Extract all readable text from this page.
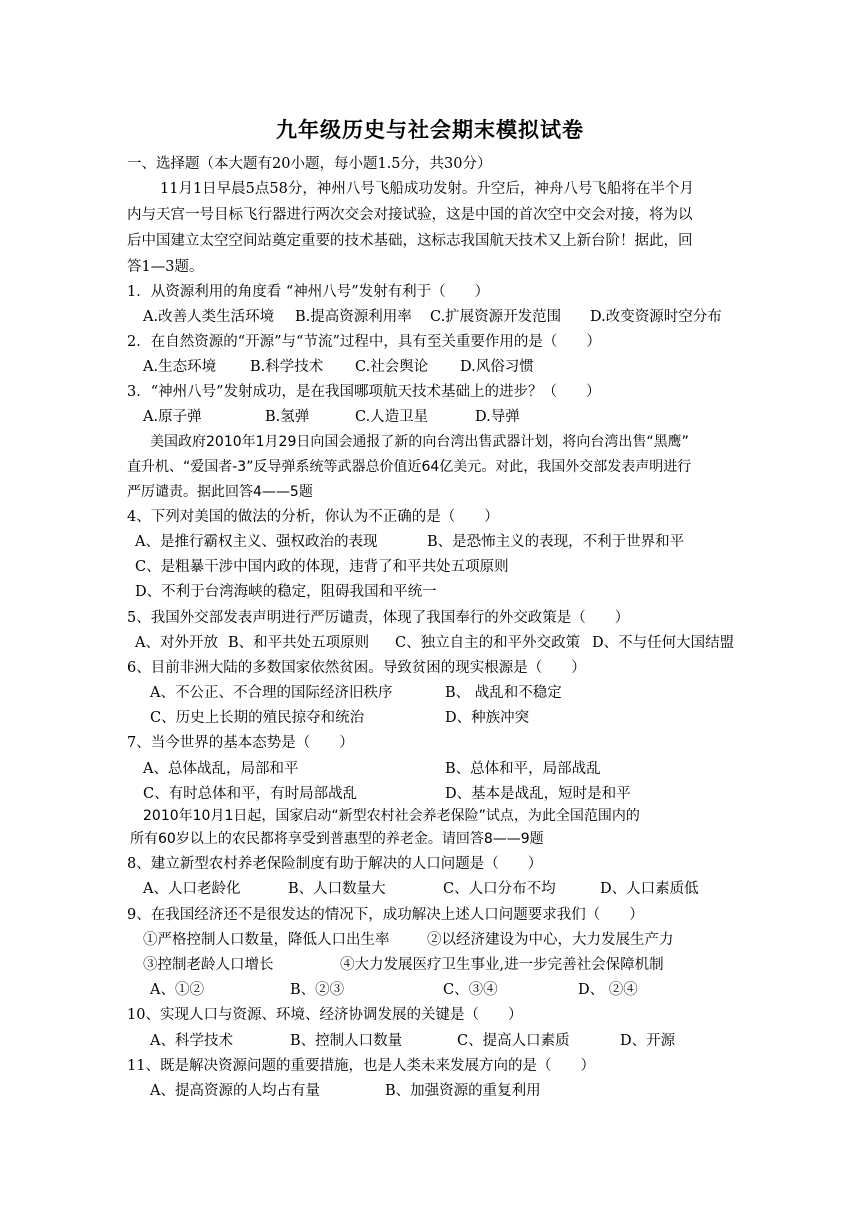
九年级历史与社会期末模拟试卷
一、选择题（本大题有20小题，每小题1.5分，共30分）
11月1日早晨5点58分，神州八号飞船成功发射。升空后，神舟八号飞船将在半个月
内与天宫一号目标飞行器进行两次交会对接试验，这是中国的首次空中交会对接，将为以
后中国建立太空空间站奠定重要的技术基础，这标志我国航天技术又上新台阶！据此，回
答1—3题。
1．从资源利用的角度看 “神州八号”发射有利于（　　）
A.改善人类生活环境 B.提高资源利用率 C.扩展资源开发范围 D.改变资源时空分布
2．在自然资源的“开源”与“节流”过程中，具有至关重要作用的是（　　）
A.生态环境 B.科学技术 C.社会舆论 D.风俗习惯
3．“神州八号”发射成功，是在我国哪项航天技术基础上的进步？（　　）
A.原子弹	B.氢弹	C.人造卫星	D.导弹
美国政府2010年1月29日向国会通报了新的向台湾出售武器计划，将向台湾出售“黑鹰”
直升机、“爱国者-3”反导弹系统等武器总价值近64亿美元。对此，我国外交部发表声明进行
严厉谴责。据此回答4——5题
4、下列对美国的做法的分析，你认为不正确的是（　　）
A、是推行霸权主义、强权政治的表现	B、是恐怖主义的表现，不利于世界和平
C、是粗暴干涉中国内政的体现，违背了和平共处五项原则
D、不利于台湾海峡的稳定，阻碍我国和平统一
5、我国外交部发表声明进行严厉谴责，体现了我国奉行的外交政策是（　　）
A、对外开放 B、和平共处五项原则 C、独立自主的和平外交政策 D、不与任何大国结盟
6、目前非洲大陆的多数国家依然贫困。导致贫困的现实根源是（　　）
A、不公正、不合理的国际经济旧秩序	B、 战乱和不稳定
C、历史上长期的殖民掠夺和统治	D、种族冲突
7、当今世界的基本态势是（　　）
A、总体战乱，局部和平	B、总体和平，局部战乱
C、有时总体和平，有时局部战乱	D、基本是战乱，短时是和平
2010年10月1日起，国家启动“新型农村社会养老保险”试点，为此全国范围内的
所有60岁以上的农民都将享受到普惠型的养老金。请回答8——9题
8、建立新型农村养老保险制度有助于解决的人口问题是（　　）
A、人口老龄化	B、人口数量大	C、人口分布不均	D、人口素质低
9、在我国经济还不是很发达的情况下，成功解决上述人口问题要求我们（　　）
①严格控制人口数量，降低人口出生率	②以经济建设为中心，大力发展生产力
③控制老龄人口增长	④大力发展医疗卫生事业,进一步完善社会保障机制
A、①②	B、②③	C、③④	D、 ②④
10、实现人口与资源、环境、经济协调发展的关键是（　　）
A、科学技术	B、控制人口数量	C、提高人口素质	D、开源
11、既是解决资源问题的重要措施，也是人类未来发展方向的是（　　）
A、提高资源的人均占有量	B、加强资源的重复利用
